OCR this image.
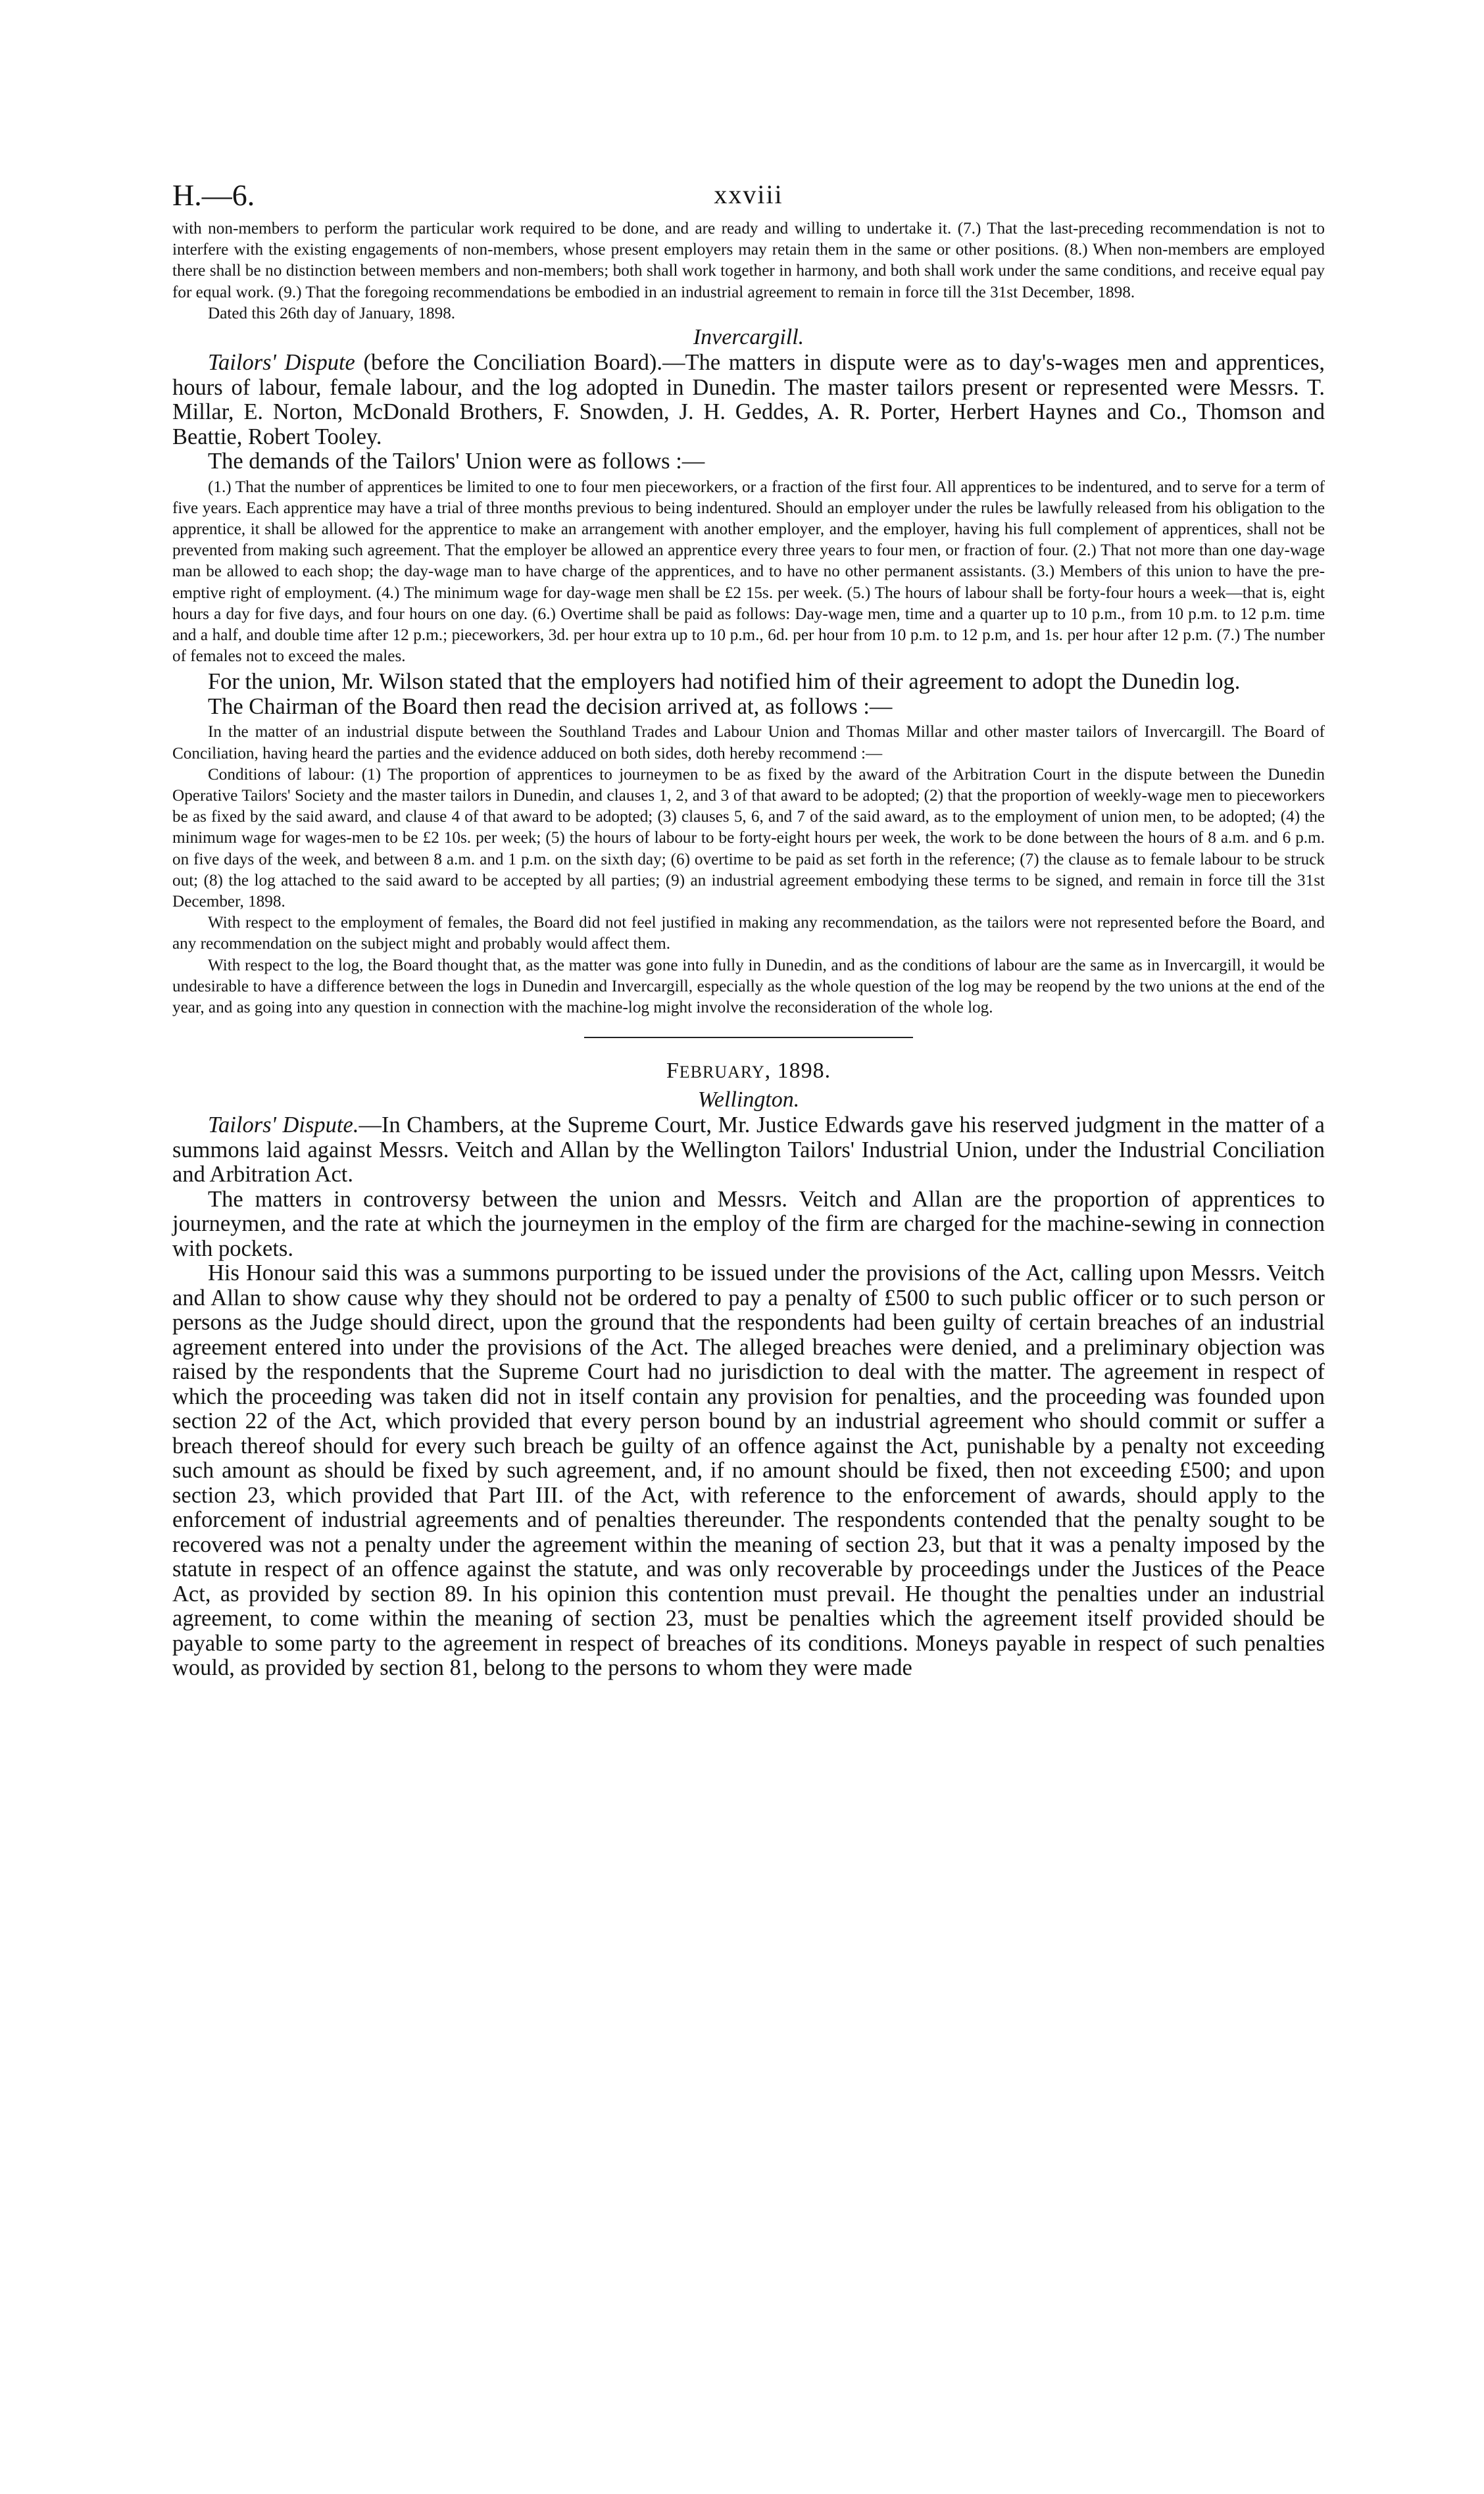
H.—6.	xxviii

with non-members to perform the particular work required to be done, and are ready and willing to undertake it. (7.) That the last-preceding recommendation is not to interfere with the existing engagements of non-members, whose present employers may retain them in the same or other positions. (8.) When non-members are employed there shall be no distinction between members and non-members; both shall work together in harmony, and both shall work under the same conditions, and receive equal pay for equal work. (9.) That the foregoing recommendations be embodied in an industrial agreement to remain in force till the 31st December, 1898.

Dated this 26th day of January, 1898.

Invercargill.

Tailors' Dispute (before the Conciliation Board).—The matters in dispute were as to day's-wages men and apprentices, hours of labour, female labour, and the log adopted in Dunedin. The master tailors present or represented were Messrs. T. Millar, E. Norton, McDonald Brothers, F. Snowden, J. H. Geddes, A. R. Porter, Herbert Haynes and Co., Thomson and Beattie, Robert Tooley.

The demands of the Tailors' Union were as follows :—

(1.) That the number of apprentices be limited to one to four men pieceworkers, or a fraction of the first four. All apprentices to be indentured, and to serve for a term of five years. Each apprentice may have a trial of three months previous to being indentured. Should an employer under the rules be lawfully released from his obligation to the apprentice, it shall be allowed for the apprentice to make an arrangement with another employer, and the employer, having his full complement of apprentices, shall not be prevented from making such agreement. That the employer be allowed an apprentice every three years to four men, or fraction of four. (2.) That not more than one day-wage man be allowed to each shop; the day-wage man to have charge of the apprentices, and to have no other permanent assistants. (3.) Members of this union to have the pre-emptive right of employment. (4.) The minimum wage for day-wage men shall be £2 15s. per week. (5.) The hours of labour shall be forty-four hours a week—that is, eight hours a day for five days, and four hours on one day. (6.) Overtime shall be paid as follows: Day-wage men, time and a quarter up to 10 p.m., from 10 p.m. to 12 p.m. time and a half, and double time after 12 p.m.; pieceworkers, 3d. per hour extra up to 10 p.m., 6d. per hour from 10 p.m. to 12 p.m, and 1s. per hour after 12 p.m. (7.) The number of females not to exceed the males.

For the union, Mr. Wilson stated that the employers had notified him of their agreement to adopt the Dunedin log.

The Chairman of the Board then read the decision arrived at, as follows :—

In the matter of an industrial dispute between the Southland Trades and Labour Union and Thomas Millar and other master tailors of Invercargill. The Board of Conciliation, having heard the parties and the evidence adduced on both sides, doth hereby recommend :—

Conditions of labour: (1) The proportion of apprentices to journeymen to be as fixed by the award of the Arbitration Court in the dispute between the Dunedin Operative Tailors' Society and the master tailors in Dunedin, and clauses 1, 2, and 3 of that award to be adopted; (2) that the proportion of weekly-wage men to pieceworkers be as fixed by the said award, and clause 4 of that award to be adopted; (3) clauses 5, 6, and 7 of the said award, as to the employment of union men, to be adopted; (4) the minimum wage for wages-men to be £2 10s. per week; (5) the hours of labour to be forty-eight hours per week, the work to be done between the hours of 8 a.m. and 6 p.m. on five days of the week, and between 8 a.m. and 1 p.m. on the sixth day; (6) overtime to be paid as set forth in the reference; (7) the clause as to female labour to be struck out; (8) the log attached to the said award to be accepted by all parties; (9) an industrial agreement embodying these terms to be signed, and remain in force till the 31st December, 1898.

With respect to the employment of females, the Board did not feel justified in making any recommendation, as the tailors were not represented before the Board, and any recommendation on the subject might and probably would affect them.

With respect to the log, the Board thought that, as the matter was gone into fully in Dunedin, and as the conditions of labour are the same as in Invercargill, it would be undesirable to have a difference between the logs in Dunedin and Invercargill, especially as the whole question of the log may be reopend by the two unions at the end of the year, and as going into any question in connection with the machine-log might involve the reconsideration of the whole log.

FEBRUARY, 1898.

Wellington.

Tailors' Dispute.—In Chambers, at the Supreme Court, Mr. Justice Edwards gave his reserved judgment in the matter of a summons laid against Messrs. Veitch and Allan by the Wellington Tailors' Industrial Union, under the Industrial Conciliation and Arbitration Act.

The matters in controversy between the union and Messrs. Veitch and Allan are the proportion of apprentices to journeymen, and the rate at which the journeymen in the employ of the firm are charged for the machine-sewing in connection with pockets.

His Honour said this was a summons purporting to be issued under the provisions of the Act, calling upon Messrs. Veitch and Allan to show cause why they should not be ordered to pay a penalty of £500 to such public officer or to such person or persons as the Judge should direct, upon the ground that the respondents had been guilty of certain breaches of an industrial agreement entered into under the provisions of the Act. The alleged breaches were denied, and a preliminary objection was raised by the respondents that the Supreme Court had no jurisdiction to deal with the matter. The agreement in respect of which the proceeding was taken did not in itself contain any provision for penalties, and the proceeding was founded upon section 22 of the Act, which provided that every person bound by an industrial agreement who should commit or suffer a breach thereof should for every such breach be guilty of an offence against the Act, punishable by a penalty not exceeding such amount as should be fixed by such agreement, and, if no amount should be fixed, then not exceeding £500; and upon section 23, which provided that Part III. of the Act, with reference to the enforcement of awards, should apply to the enforcement of industrial agreements and of penalties thereunder. The respondents contended that the penalty sought to be recovered was not a penalty under the agreement within the meaning of section 23, but that it was a penalty imposed by the statute in respect of an offence against the statute, and was only recoverable by proceedings under the Justices of the Peace Act, as provided by section 89. In his opinion this contention must prevail. He thought the penalties under an industrial agreement, to come within the meaning of section 23, must be penalties which the agreement itself provided should be payable to some party to the agreement in respect of breaches of its conditions. Moneys payable in respect of such penalties would, as provided by section 81, belong to the persons to whom they were made
